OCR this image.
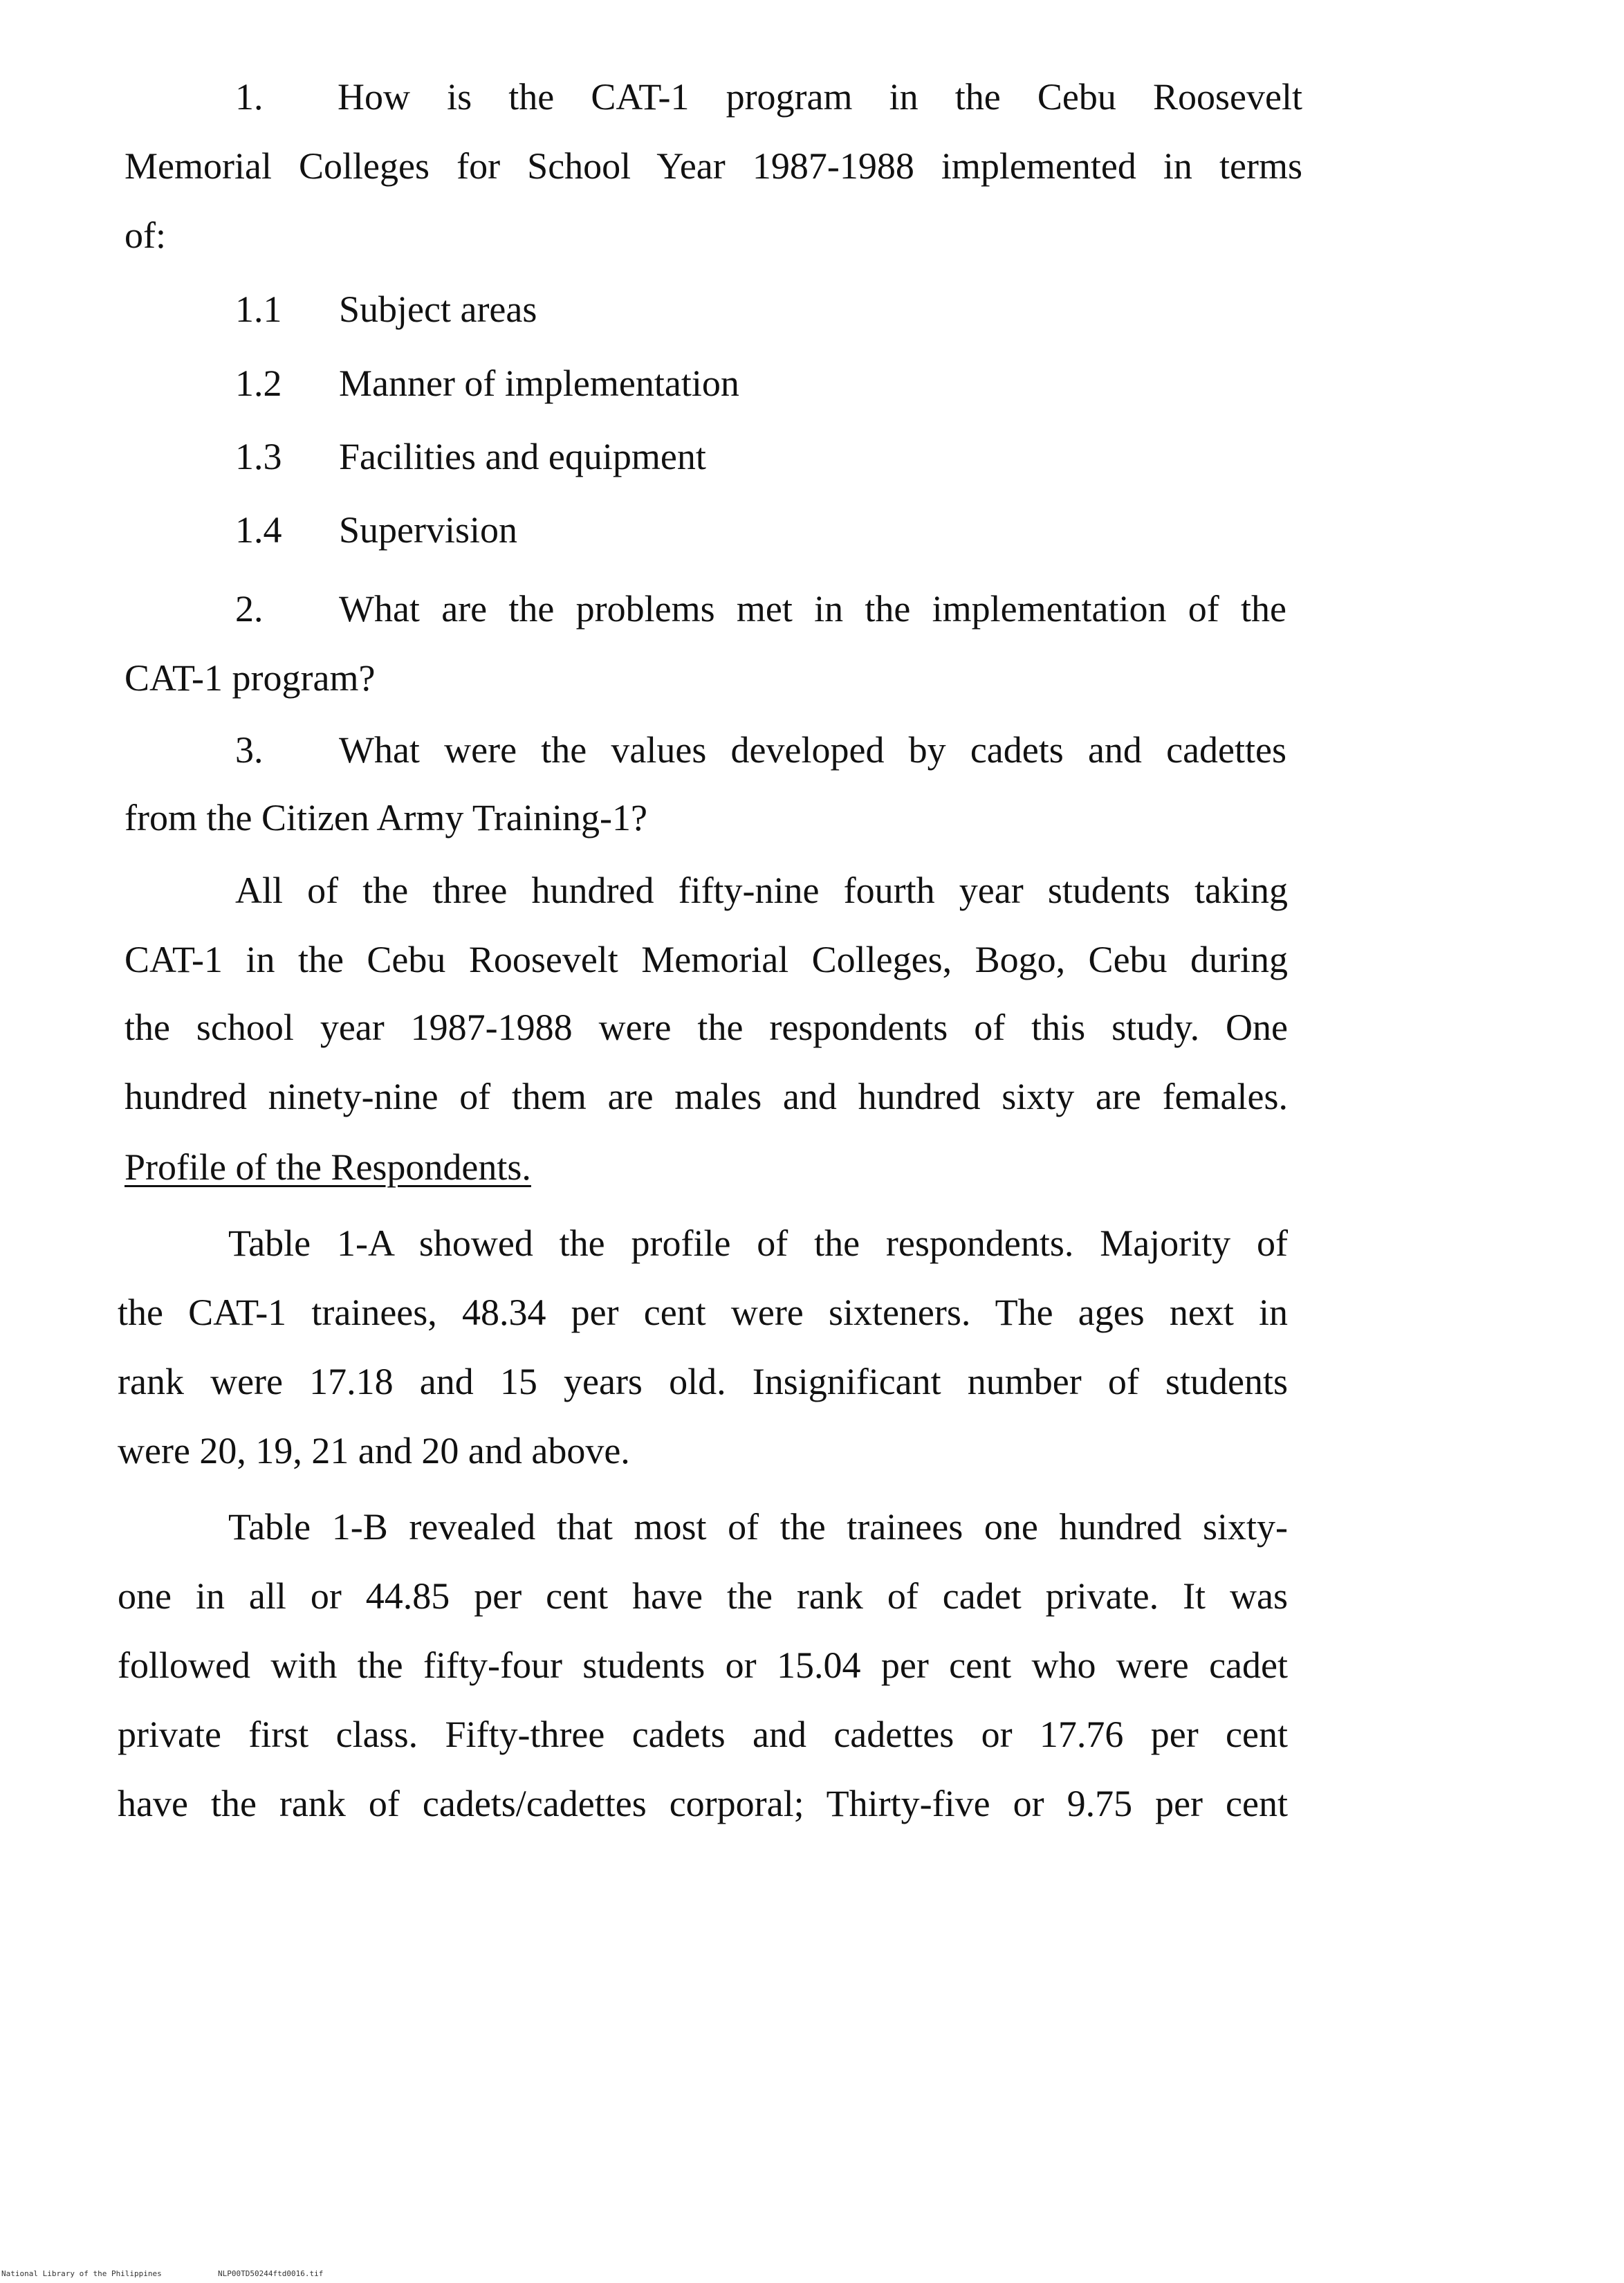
1. How is the CAT-1 program in the Cebu Roosevelt
Memorial Colleges for School Year 1987-1988 implemented in terms
of:
1.1 Subject areas
1.2 Manner of implementation
1.3 Facilities and equipment
1.4 Supervision
2. What are the problems met in the implementation of the
CAT-1 program?
3. What were the values developed by cadets and cadettes
from the Citizen Army Training-1?
All of the three hundred fifty-nine fourth year students taking
CAT-1 in the Cebu Roosevelt Memorial Colleges, Bogo, Cebu during
the school year 1987-1988 were the respondents of this study. One
hundred ninety-nine of them are males and hundred sixty are females.
Profile of the Respondents.
Table 1-A showed the profile of the respondents. Majority of
the CAT-1 trainees, 48.34 per cent were sixteners. The ages next in
rank were 17.18 and 15 years old. Insignificant number of students
were 20, 19, 21 and 20 and above.
Table 1-B revealed that most of the trainees one hundred sixty-
one in all or 44.85 per cent have the rank of cadet private. It was
followed with the fifty-four students or 15.04 per cent who were cadet
private first class. Fifty-three cadets and cadettes or 17.76 per cent
have the rank of cadets/cadettes corporal; Thirty-five or 9.75 per cent
National Library of the Philippines	NLP00TD50244ftd0016.tif
